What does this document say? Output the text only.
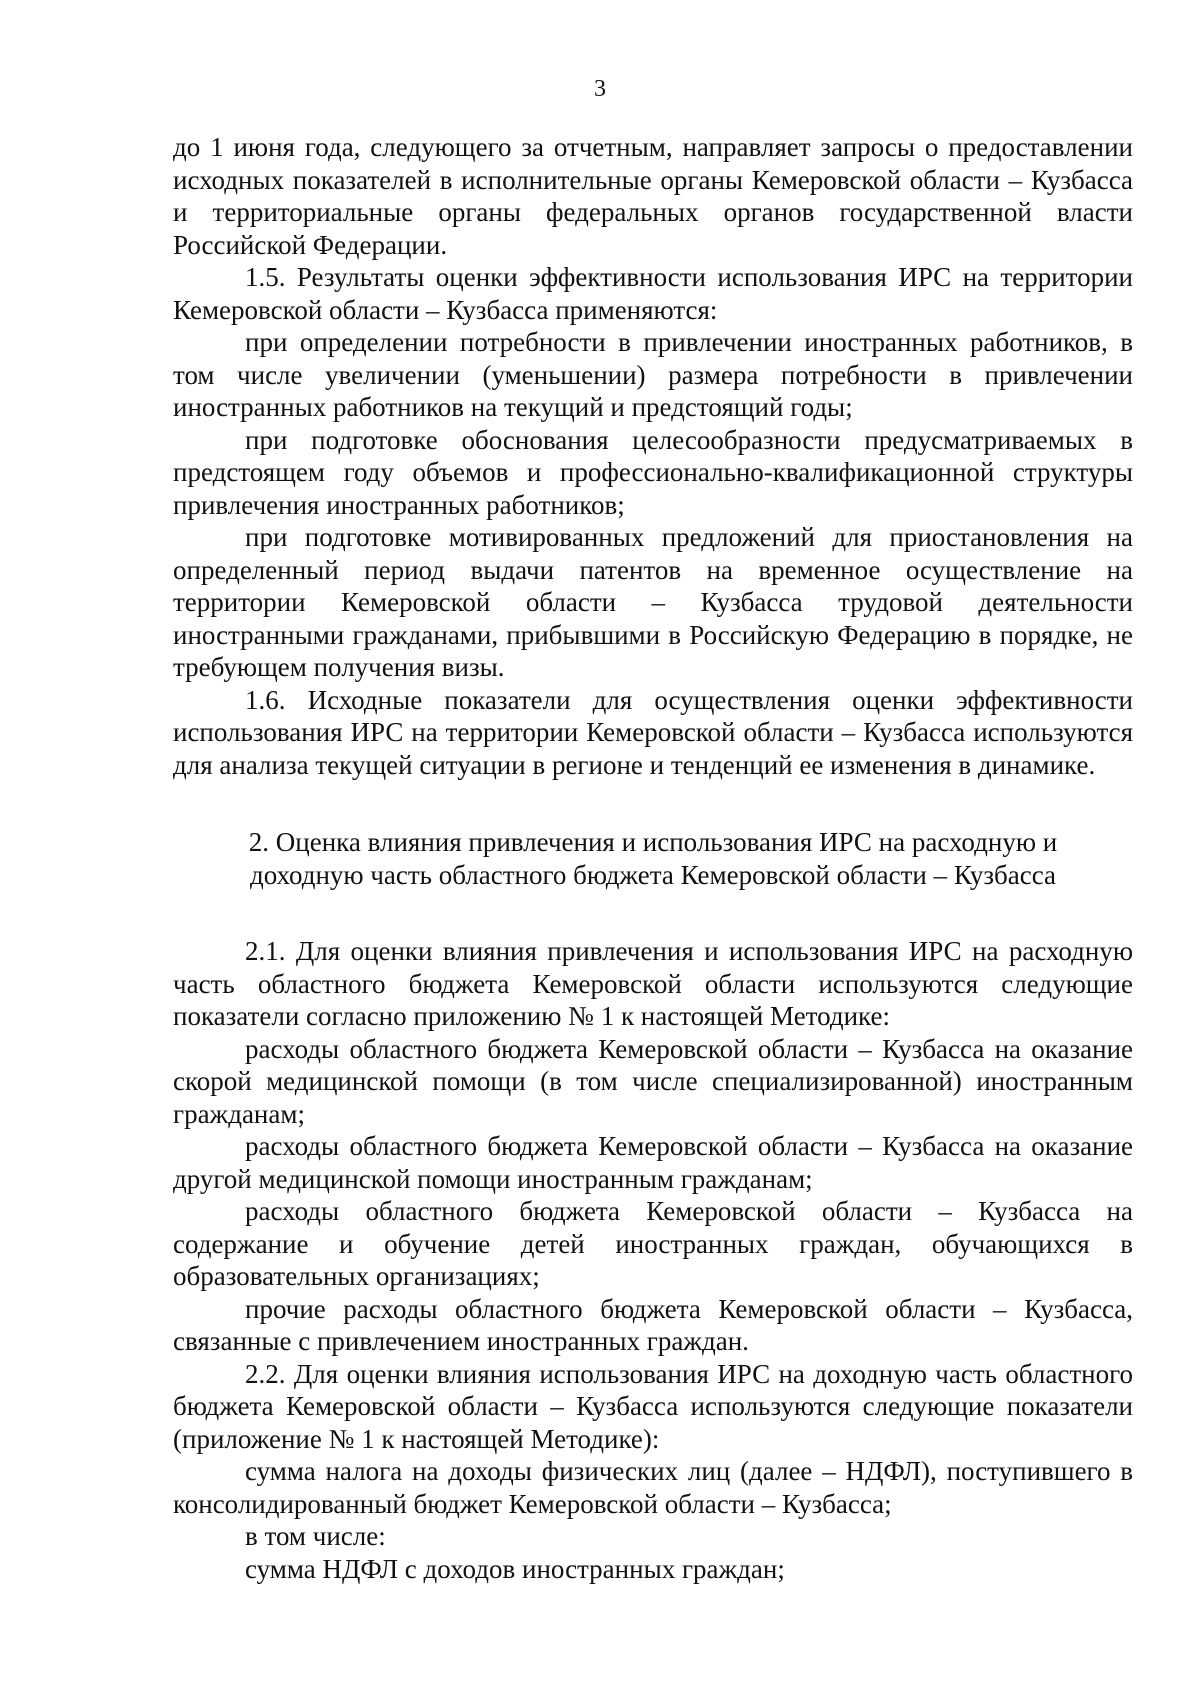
3

до 1 июня года, следующего за отчетным, направляет запросы о предоставлении исходных показателей в исполнительные органы Кемеровской области – Кузбасса и территориальные органы федеральных органов государственной власти Российской Федерации.

1.5. Результаты оценки эффективности использования ИРС на территории Кемеровской области – Кузбасса применяются:

при определении потребности в привлечении иностранных работников, в том числе увеличении (уменьшении) размера потребности в привлечении иностранных работников на текущий и предстоящий годы;

при подготовке обоснования целесообразности предусматриваемых в предстоящем году объемов и профессионально-квалификационной структуры привлечения иностранных работников;

при подготовке мотивированных предложений для приостановления на определенный период выдачи патентов на временное осуществление на территории Кемеровской области – Кузбасса трудовой деятельности иностранными гражданами, прибывшими в Российскую Федерацию в порядке, не требующем получения визы.

1.6. Исходные показатели для осуществления оценки эффективности использования ИРС на территории Кемеровской области – Кузбасса используются для анализа текущей ситуации в регионе и тенденций ее изменения в динамике.

2. Оценка влияния привлечения и использования ИРС на расходную и доходную часть областного бюджета Кемеровской области – Кузбасса

2.1. Для оценки влияния привлечения и использования ИРС на расходную часть областного бюджета Кемеровской области используются следующие показатели согласно приложению № 1 к настоящей Методике:

расходы областного бюджета Кемеровской области – Кузбасса на оказание скорой медицинской помощи (в том числе специализированной) иностранным гражданам;

расходы областного бюджета Кемеровской области – Кузбасса на оказание другой медицинской помощи иностранным гражданам;

расходы областного бюджета Кемеровской области – Кузбасса на содержание и обучение детей иностранных граждан, обучающихся в образовательных организациях;

прочие расходы областного бюджета Кемеровской области – Кузбасса, связанные с привлечением иностранных граждан.

2.2. Для оценки влияния использования ИРС на доходную часть областного бюджета Кемеровской области – Кузбасса используются следующие показатели (приложение № 1 к настоящей Методике):

сумма налога на доходы физических лиц (далее – НДФЛ), поступившего в консолидированный бюджет Кемеровской области – Кузбасса;

в том числе:

сумма НДФЛ с доходов иностранных граждан;
